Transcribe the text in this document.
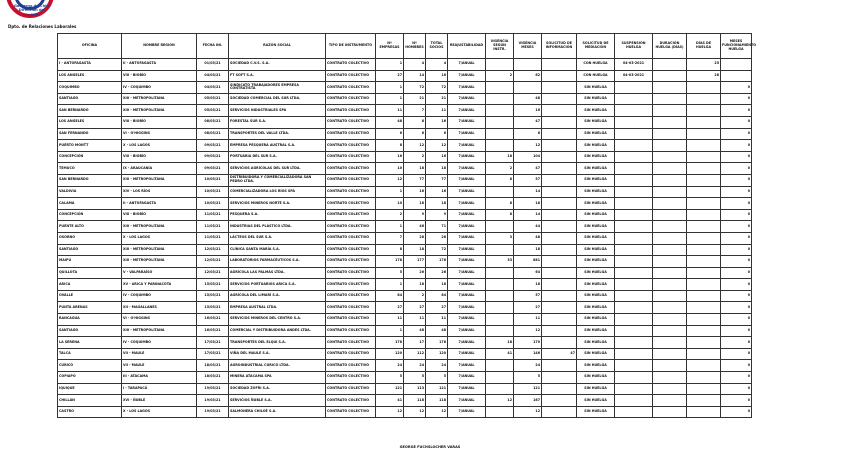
Gobierno de Chile
Dirección del
Trabajo
Dpto. de Relaciones Laborales
OFICINA	NOMBRE REGIÓN	FECHA INI.	RAZÓN SOCIAL	TIPO DE INSTRUMENTO	Nº EMPRESAS	Nº HOMBRES	TOTAL SOCIOS	REAJUSTABILIDAD	VIGENCIA SEGÚN INSTR.	VIGENCIA MESES	SOLICITUD DE INFORMACIÓN	SOLICITUD DE MEDIACIÓN	SUSPENSIÓN HUELGA	DURACIÓN HUELGA (DÍAS)	DÍAS DE HUELGA	MESES FUNCIONAMIENTO HUELGA
I - ANTOFAGASTA	II - ANTOFAGASTA	01/03/21	SOCIEDAD C.V.S. S.A.	CONTRATO COLECTIVO	1	4	4	7/ANUAL				CON HUELGA	04-03-2021		25	
LOS ANGELES	VIII - BIOBÍO	04/03/21	FT SOFT S.A.	CONTRATO COLECTIVO	27	14	16	7/ANUAL	2	62		CON HUELGA	04-03-2021		28	
COQUIMBO	IV - COQUIMBO	04/03/21	SINDICATO TRABAJADORES EMPRESA CONTRATISTA	CONTRATO COLECTIVO	1	72	72	7/ANUAL				SIN HUELGA				0
SANTIAGO	XIII - METROPOLITANA	05/03/21	SOCIEDAD COMERCIAL DEL SUR LTDA.	CONTRATO COLECTIVO	1	21	21	7/ANUAL		48		SIN HUELGA				0
SAN BERNARDO	XIII - METROPOLITANA	05/03/21	SERVICIOS INDUSTRIALES SPA	CONTRATO COLECTIVO	11	7	11	7/ANUAL		16		SIN HUELGA				0
LOS ANGELES	VIII - BIOBÍO	08/03/21	FORESTAL SUR S.A.	CONTRATO COLECTIVO	48	8	16	7/ANUAL		47		SIN HUELGA				0
SAN FERNANDO	VI - O'HIGGINS	08/03/21	TRANSPORTES DEL VALLE LTDA.	CONTRATO COLECTIVO	6	6	6	7/ANUAL		6		SIN HUELGA				0
PUERTO MONTT	X - LOS LAGOS	09/03/21	EMPRESA PESQUERA AUSTRAL S.A.	CONTRATO COLECTIVO	8	12	12	7/ANUAL		12		SIN HUELGA				0
CONCEPCIÓN	VIII - BIOBÍO	09/03/21	PORTUARIA DEL SUR S.A.	CONTRATO COLECTIVO	16	2	16	7/ANUAL	18	104		SIN HUELGA				0
TEMUCO	IX - ARAUCANÍA	09/03/21	SERVICIOS AGRÍCOLAS DEL SUR LTDA.	CONTRATO COLECTIVO	10	18	18	7/ANUAL	2	47		SIN HUELGA				0
SAN BERNARDO	XIII - METROPOLITANA	10/03/21	DISTRIBUIDORA Y COMERCIALIZADORA SAN PEDRO LTDA.	CONTRATO COLECTIVO	12	77	77	7/ANUAL	8	57		SIN HUELGA				0
VALDIVIA	XIV - LOS RÍOS	10/03/21	COMERCIALIZADORA LOS RÍOS SPA	CONTRATO COLECTIVO	1	16	16	7/ANUAL		14		SIN HUELGA				0
CALAMA	II - ANTOFAGASTA	10/03/21	SERVICIOS MINEROS NORTE S.A.	CONTRATO COLECTIVO	10	18	18	7/ANUAL	8	18		SIN HUELGA				0
CONCEPCIÓN	VIII - BIOBÍO	11/03/21	PESQUERA S.A.	CONTRATO COLECTIVO	2	9	9	7/ANUAL	8	14		SIN HUELGA				0
PUENTE ALTO	XIII - METROPOLITANA	11/03/21	INDUSTRIAS DEL PLÁSTICO LTDA.	CONTRATO COLECTIVO	1	46	71	7/ANUAL		44		SIN HUELGA				0
OSORNO	X - LOS LAGOS	11/03/21	LÁCTEOS DEL SUR S.A.	CONTRATO COLECTIVO	7	28	28	7/ANUAL	3	48		SIN HUELGA				0
SANTIAGO	XIII - METROPOLITANA	12/03/21	CLÍNICA SANTA MARÍA S.A.	CONTRATO COLECTIVO	8	18	72	7/ANUAL		18		SIN HUELGA				0
MAIPÚ	XIII - METROPOLITANA	12/03/21	LABORATORIOS FARMACÉUTICOS S.A.	CONTRATO COLECTIVO	178	177	178	7/ANUAL	33	881		SIN HUELGA				0
QUILLOTA	V - VALPARAÍSO	12/03/21	AGRÍCOLA LAS PALMAS LTDA.	CONTRATO COLECTIVO	5	26	26	7/ANUAL		64		SIN HUELGA				0
ARICA	XV - ARICA Y PARINACOTA	15/03/21	SERVICIOS PORTUARIOS ARICA S.A.	CONTRATO COLECTIVO	1	18	18	7/ANUAL		18		SIN HUELGA				0
OVALLE	IV - COQUIMBO	15/03/21	AGRÍCOLA DEL LIMARÍ S.A.	CONTRATO COLECTIVO	84	2	84	7/ANUAL		57		SIN HUELGA				0
PUNTA ARENAS	XII - MAGALLANES	15/03/21	EMPRESA AUSTRAL LTDA.	CONTRATO COLECTIVO	27	27	27	7/ANUAL		27		SIN HUELGA				0
RANCAGUA	VI - O'HIGGINS	16/03/21	SERVICIOS MINEROS DEL CENTRO S.A.	CONTRATO COLECTIVO	11	11	11	7/ANUAL		11		SIN HUELGA				0
SANTIAGO	XIII - METROPOLITANA	16/03/21	COMERCIAL Y DISTRIBUIDORA ANDES LTDA.	CONTRATO COLECTIVO	1	48	48	7/ANUAL		12		SIN HUELGA				0
LA SERENA	IV - COQUIMBO	17/03/21	TRANSPORTES DEL ELQUI S.A.	CONTRATO COLECTIVO	178	17	178	7/ANUAL	18	170		SIN HUELGA				0
TALCA	VII - MAULE	17/03/21	VIÑA DEL MAULE S.A.	CONTRATO COLECTIVO	120	112	120	7/ANUAL	41	146	47	SIN HUELGA				0
CURICÓ	VII - MAULE	18/03/21	AGROINDUSTRIAL CURICÓ LTDA.	CONTRATO COLECTIVO	24	24	24	7/ANUAL		24		SIN HUELGA				0
COPIAPÓ	III - ATACAMA	18/03/21	MINERA ATACAMA SPA	CONTRATO COLECTIVO	5	5	5	7/ANUAL		5		SIN HUELGA				0
IQUIQUE	I - TARAPACÁ	19/03/21	SOCIEDAD ZOFRI S.A.	CONTRATO COLECTIVO	121	113	121	7/ANUAL		121		SIN HUELGA				0
CHILLÁN	XVI - ÑUBLE	19/03/21	SERVICIOS ÑUBLE S.A.	CONTRATO COLECTIVO	41	118	118	7/ANUAL	12	167		SIN HUELGA				0
CASTRO	X - LOS LAGOS	19/03/21	SALMONERA CHILOÉ S.A.	CONTRATO COLECTIVO	12	12	12	7/ANUAL		12		SIN HUELGA				0
GEORGE FUCHSLOCHER VARAS
